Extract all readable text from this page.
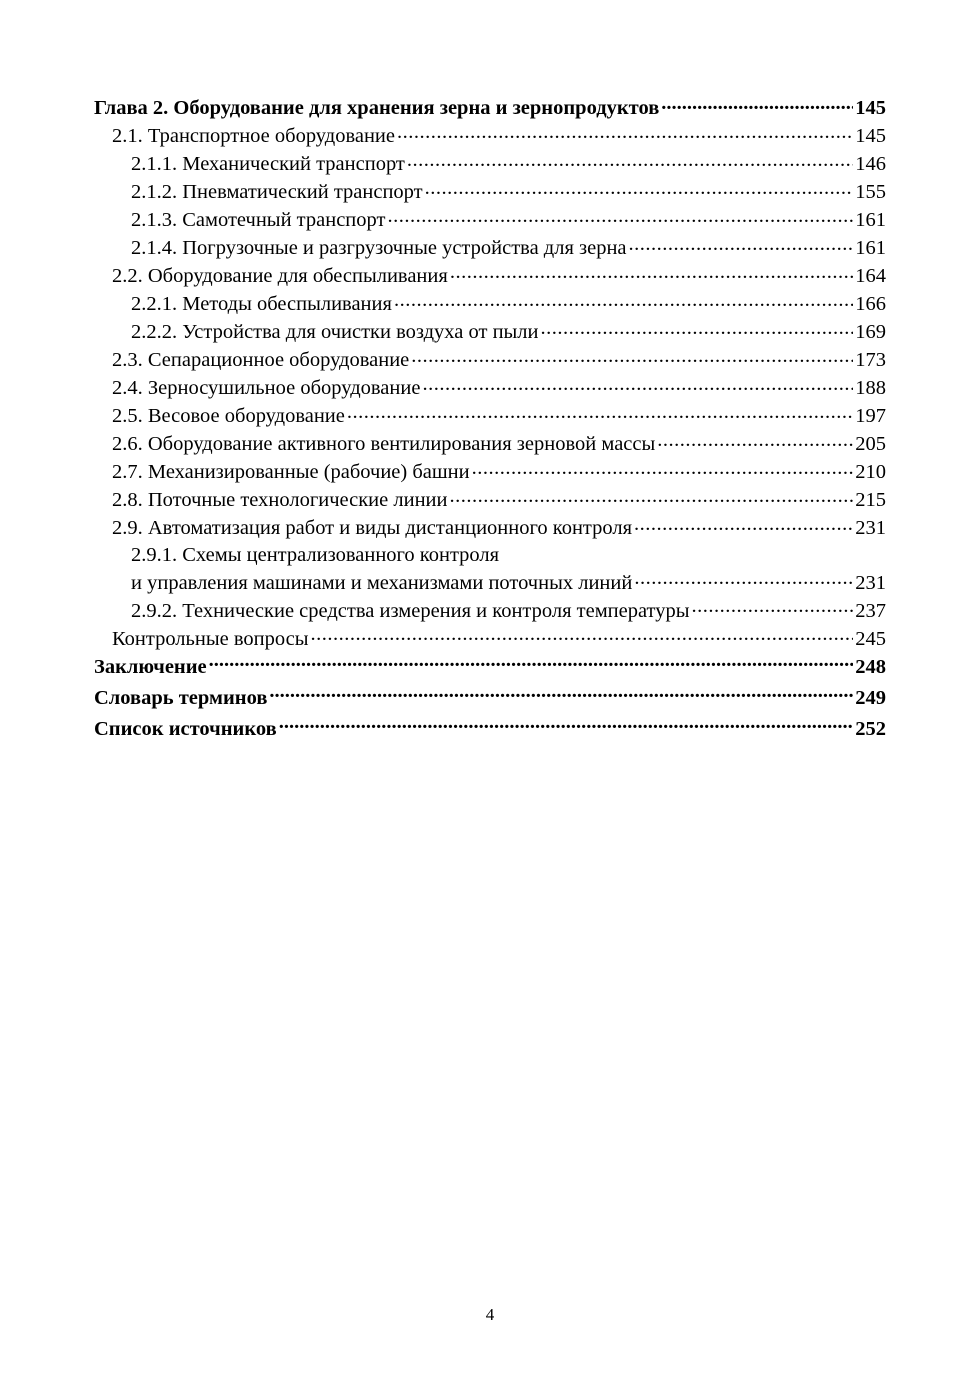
Глава 2. Оборудование для хранения зерна и зернопродуктов .....	145
2.1. Транспортное оборудование .....	145
2.1.1. Механический транспорт .....	146
2.1.2. Пневматический транспорт .....	155
2.1.3. Самотечный транспорт .....	161
2.1.4. Погрузочные и разгрузочные устройства для зерна .....	161
2.2. Оборудование для обеспыливания .....	164
2.2.1. Методы обеспыливания .....	166
2.2.2. Устройства для очистки воздуха от пыли .....	169
2.3. Сепарационное оборудование .....	173
2.4. Зерносушильное оборудование .....	188
2.5. Весовое оборудование .....	197
2.6. Оборудование активного вентилирования зерновой массы .....	205
2.7. Механизированные (рабочие) башни .....	210
2.8. Поточные технологические линии .....	215
2.9. Автоматизация работ и виды дистанционного контроля .....	231
2.9.1. Схемы централизованного контроля
и управления машинами и механизмами поточных линий .....	231
2.9.2. Технические средства измерения и контроля температуры .....	237
Контрольные вопросы .....	245
Заключение .....	248
Словарь терминов .....	249
Список источников .....	252
4
